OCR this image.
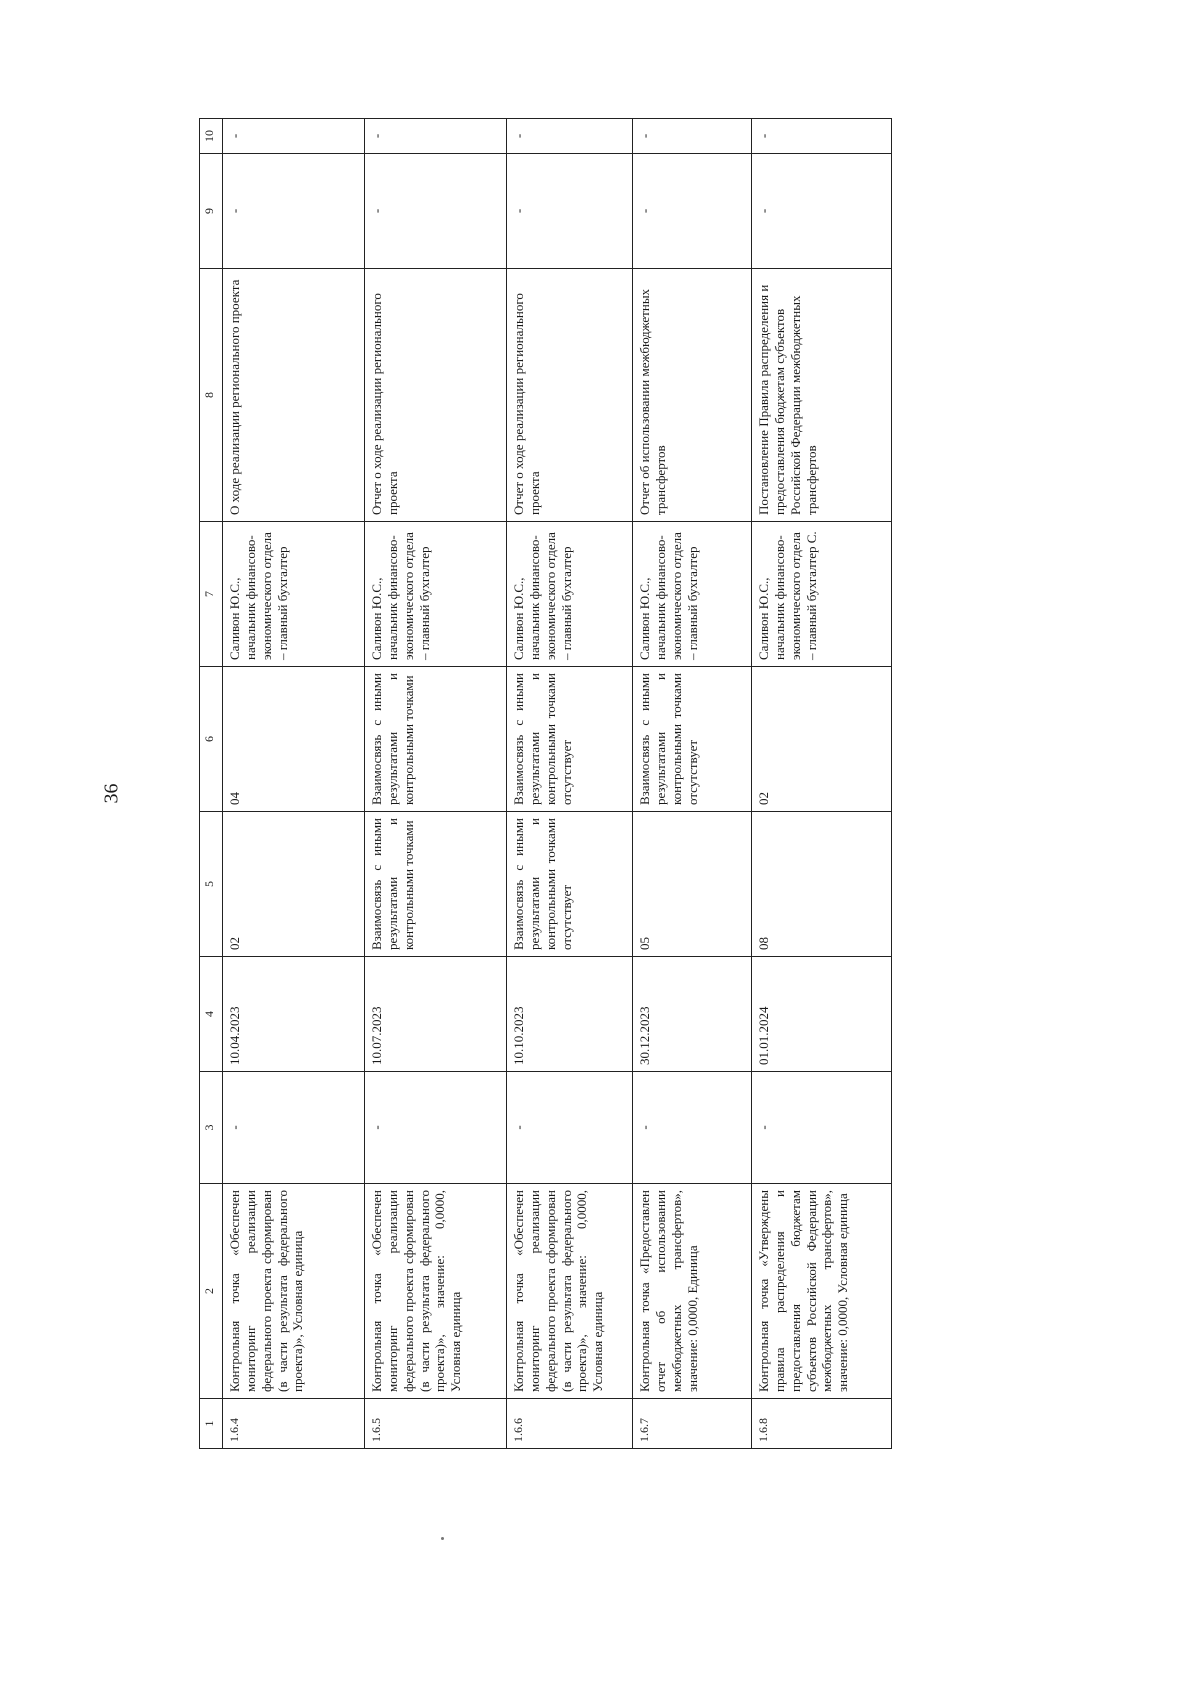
36
1	2	3	4	5	6	7	8	9	10
1.6.4	Контрольная точка «Обеспечен мониторинг реализации федерального проекта сформирован (в части результата федерального проекта)», Условная единица	-	10.04.2023	02	04	Саливон Ю.С., начальник финансово-экономического отдела – главный бухгалтер	О ходе реализации регионального проекта	-	-
1.6.5	Контрольная точка «Обеспечен мониторинг реализации федерального проекта сформирован (в части результата федерального проекта)», значение: 0,0000, Условная единица	-	10.07.2023	Взаимосвязь с иными результатами и контрольными точками	Взаимосвязь с иными результатами и контрольными точками	Саливон Ю.С., начальник финансово-экономического отдела – главный бухгалтер	Отчет о ходе реализации регионального проекта	-	-
1.6.6	Контрольная точка «Обеспечен мониторинг реализации федерального проекта сформирован (в части результата федерального проекта)», значение: 0,0000, Условная единица	-	10.10.2023	Взаимосвязь с иными результатами и контрольными точками отсутствует	Взаимосвязь с иными результатами и контрольными точками отсутствует	Саливон Ю.С., начальник финансово-экономического отдела – главный бухгалтер	Отчет о ходе реализации регионального проекта	-	-
1.6.7	Контрольная точка «Предоставлен отчет об использовании межбюджетных трансфертов», значение: 0,0000, Единица	-	30.12.2023	05	Взаимосвязь с иными результатами и контрольными точками отсутствует	Саливон Ю.С., начальник финансово-экономического отдела – главный бухгалтер	Отчет об использовании межбюджетных трансфертов	-	-
1.6.8	Контрольная точка «Утверждены правила распределения и предоставления бюджетам субъектов Российской Федерации межбюджетных трансфертов», значение: 0,0000, Условная единица	-	01.01.2024	08	02	Саливон Ю.С., начальник финансово-экономического отдела – главный бухгалтер С.	Постановление Правила распределения и предоставления бюджетам субъектов Российской Федерации межбюджетных трансфертов	-	-
